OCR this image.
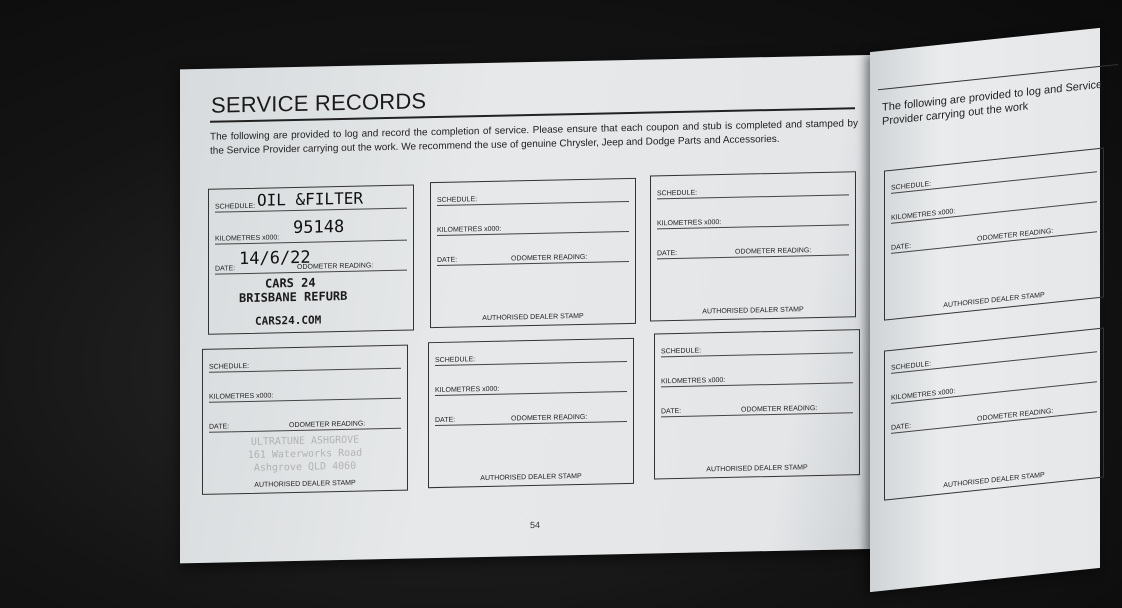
SERVICE RECORDS
The following are provided to log and record the completion of service. Please ensure that each coupon and stub is completed and stamped by the Service Provider carrying out the work. We recommend the use of genuine Chrysler, Jeep and Dodge Parts and Accessories.
SCHEDULE: OIL &FILTER
KILOMETRES x000:
95148
DATE:	ODOMETER READING:
14/6/22
CARS 24
BRISBANE REFURB
CARS24.COM
SCHEDULE:
KILOMETRES x000:
DATE:	ODOMETER READING:
AUTHORISED DEALER STAMP
SCHEDULE:
KILOMETRES x000:
DATE:	ODOMETER READING:
AUTHORISED DEALER STAMP
SCHEDULE:
KILOMETRES x000:
DATE:	ODOMETER READING:
ULTRATUNE ASHGROVE
161 Waterworks Road
Ashgrove QLD 4060
AUTHORISED DEALER STAMP
SCHEDULE:
KILOMETRES x000:
DATE:	ODOMETER READING:
AUTHORISED DEALER STAMP
SCHEDULE:
KILOMETRES x000:
DATE:	ODOMETER READING:
AUTHORISED DEALER STAMP
54
The following are provided to log and Service Provider carrying out the work
SCHEDULE:
KILOMETRES x000:
DATE:
ODOMETER READING:
AUTHORISED DEALER STAMP
SCHEDULE:
KILOMETRES x000:
DATE:
ODOMETER READING:
AUTHORISED DEALER STAMP
